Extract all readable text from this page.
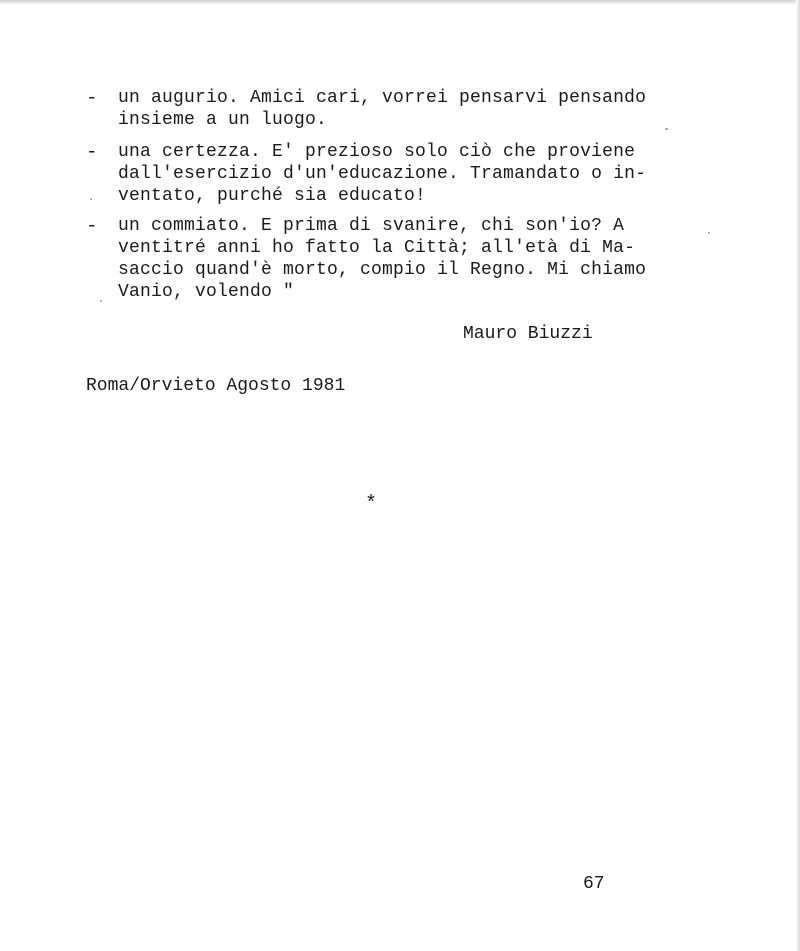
- un augurio. Amici cari, vorrei pensarvi pensando
insieme a un luogo.
- una certezza. E' prezioso solo ciò che proviene
dall'esercizio d'un'educazione. Tramandato o in-
ventato, purché sia educato!
- un commiato. E prima di svanire, chi son'io? A
ventitré anni ho fatto la Città; all'età di Ma-
saccio quand'è morto, compio il Regno. Mi chiamo
Vanio, volendo "
Mauro Biuzzi
Roma/Orvieto Agosto 1981
*
67
